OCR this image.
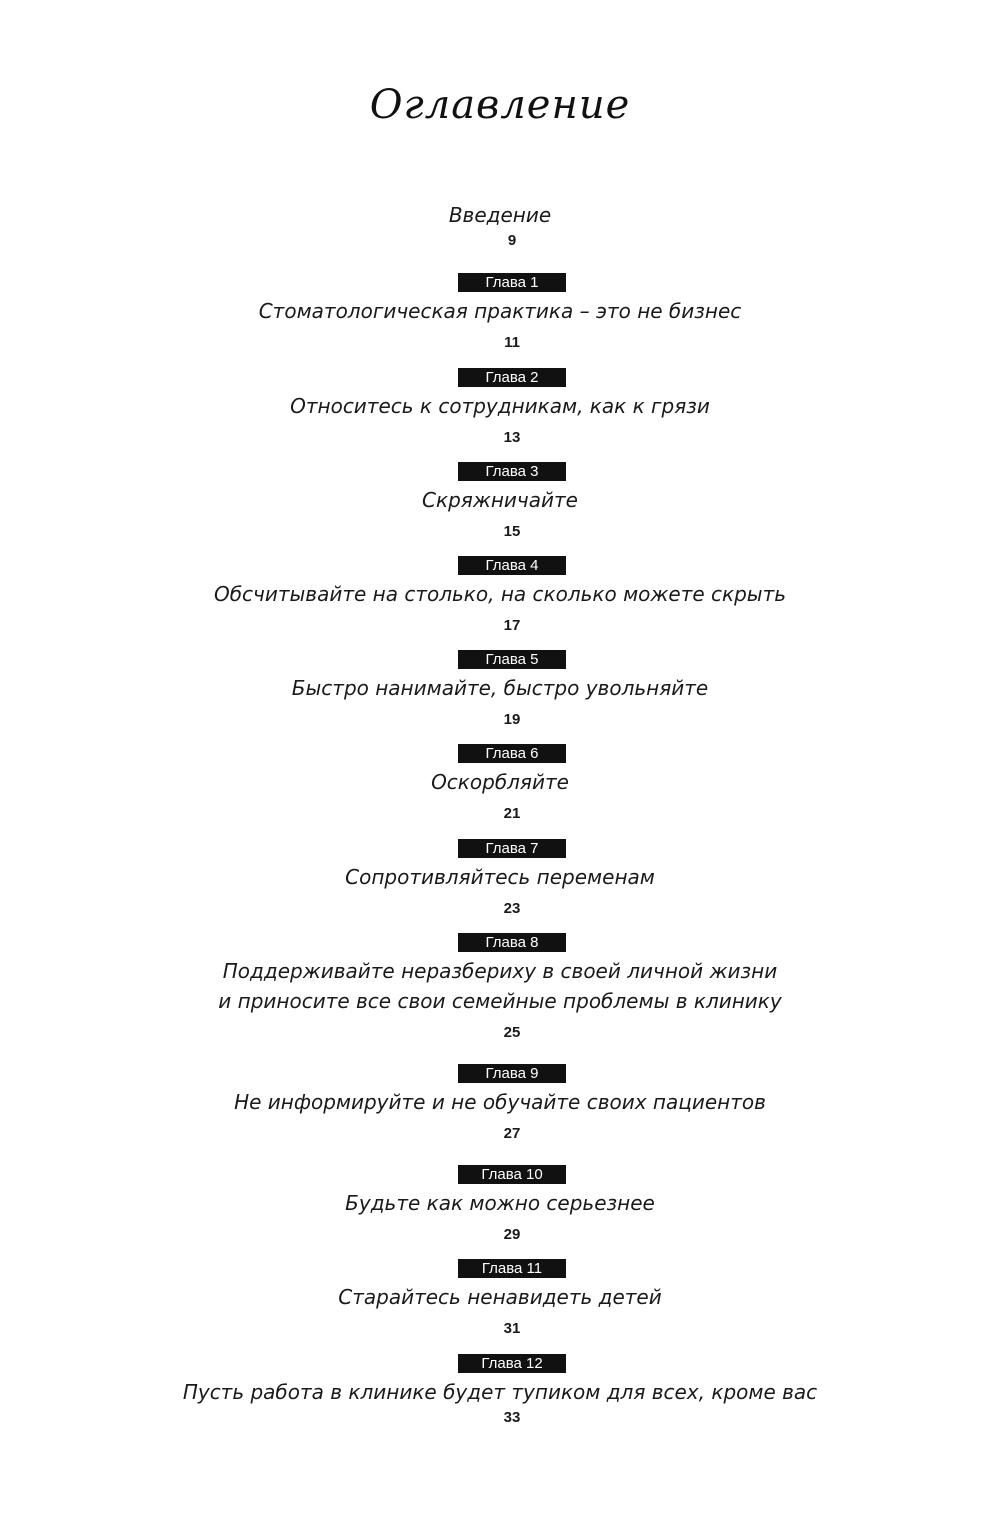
Оглавление
Введение
9
Глава 1
Стоматологическая практика – это не бизнес
11
Глава 2
Относитесь к сотрудникам, как к грязи
13
Глава 3
Скряжничайте
15
Глава 4
Обсчитывайте на столько, на сколько можете скрыть
17
Глава 5
Быстро нанимайте, быстро увольняйте
19
Глава 6
Оскорбляйте
21
Глава 7
Сопротивляйтесь переменам
23
Глава 8
Поддерживайте неразбериху в своей личной жизни
и приносите все свои семейные проблемы в клинику
25
Глава 9
Не информируйте и не обучайте своих пациентов
27
Глава 10
Будьте как можно серьезнее
29
Глава 11
Старайтесь ненавидеть детей
31
Глава 12
Пусть работа в клинике будет тупиком для всех, кроме вас
33
